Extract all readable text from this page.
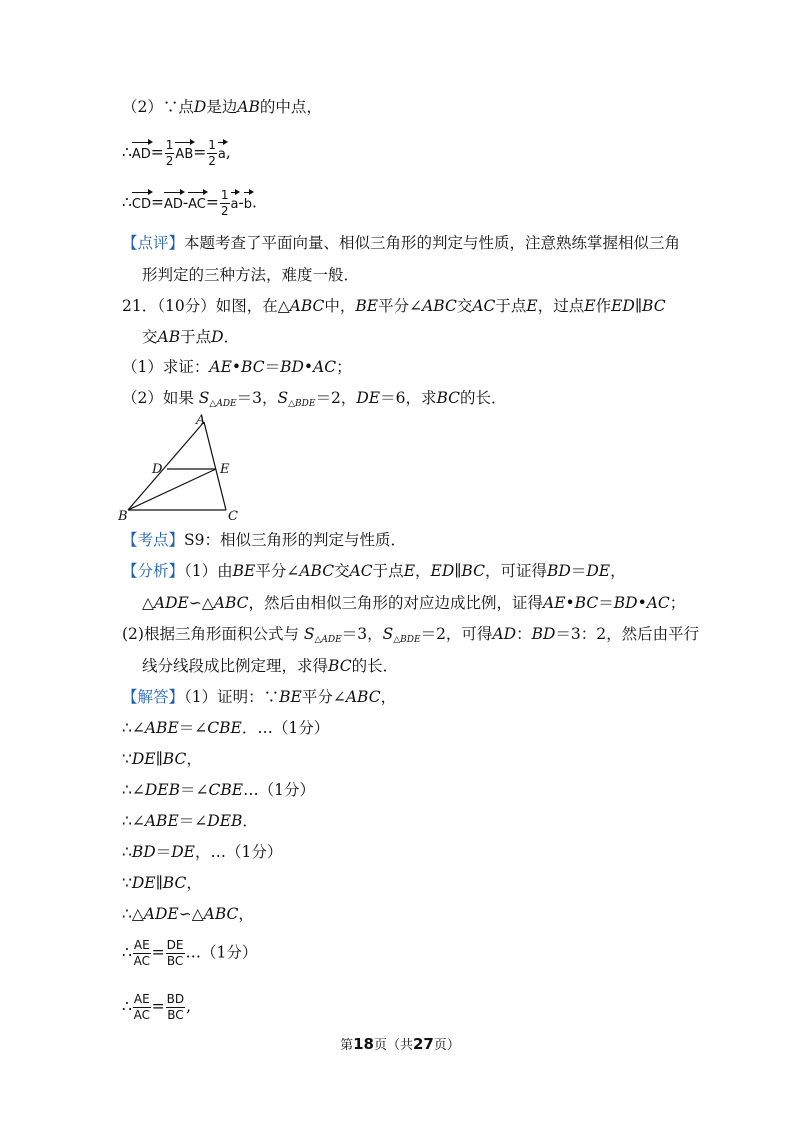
（2）∵点D是边AB的中点，
∴AD= $\frac{1}{2} AB= \frac{1}{2} a$,
∴CD=AD-AC= $\frac{1}{2} a-b$.
【点评】本题考查了平面向量、相似三角形的判定与性质，注意熟练掌握相似三角
形判定的三种方法，难度一般．
21．（10分）如图，在△ABC中，BE平分∠ABC交AC于点E，过点E作ED∥BC
交AB于点D．
（1）求证：AE•BC＝BD•AC；
（2）如果 $S_{\triangle ADE}=3$，$S_{\triangle BDE}=2$，DE＝6，求BC的长．
A
D	E
B	C
【考点】S9：相似三角形的判定与性质．
【分析】（1）由BE平分∠ABC交AC于点E，ED∥BC，可证得BD＝DE，
△ADE∽△ABC，然后由相似三角形的对应边成比例，证得AE•BC＝BD•AC；
(2)根据三角形面积公式与 $S_{\triangle ADE}=3$，$S_{\triangle BDE}=2$，可得AD：BD＝3：2，然后由平行
线分线段成比例定理，求得BC的长．
【解答】（1）证明：∵BE平分∠ABC，
∴∠ABE＝∠CBE．…（1分）
∵DE∥BC，
∴∠DEB＝∠CBE…（1分）
∴∠ABE＝∠DEB．
∴BD＝DE，…（1分）
∵DE∥BC，
∴△ADE∽△ABC，
∴ $\frac{AE}{AC} = \frac{DE}{BC}$ …（1分）
∴ $\frac{AE}{AC} = \frac{BD}{BC}$ ,
第18页（共27页）
